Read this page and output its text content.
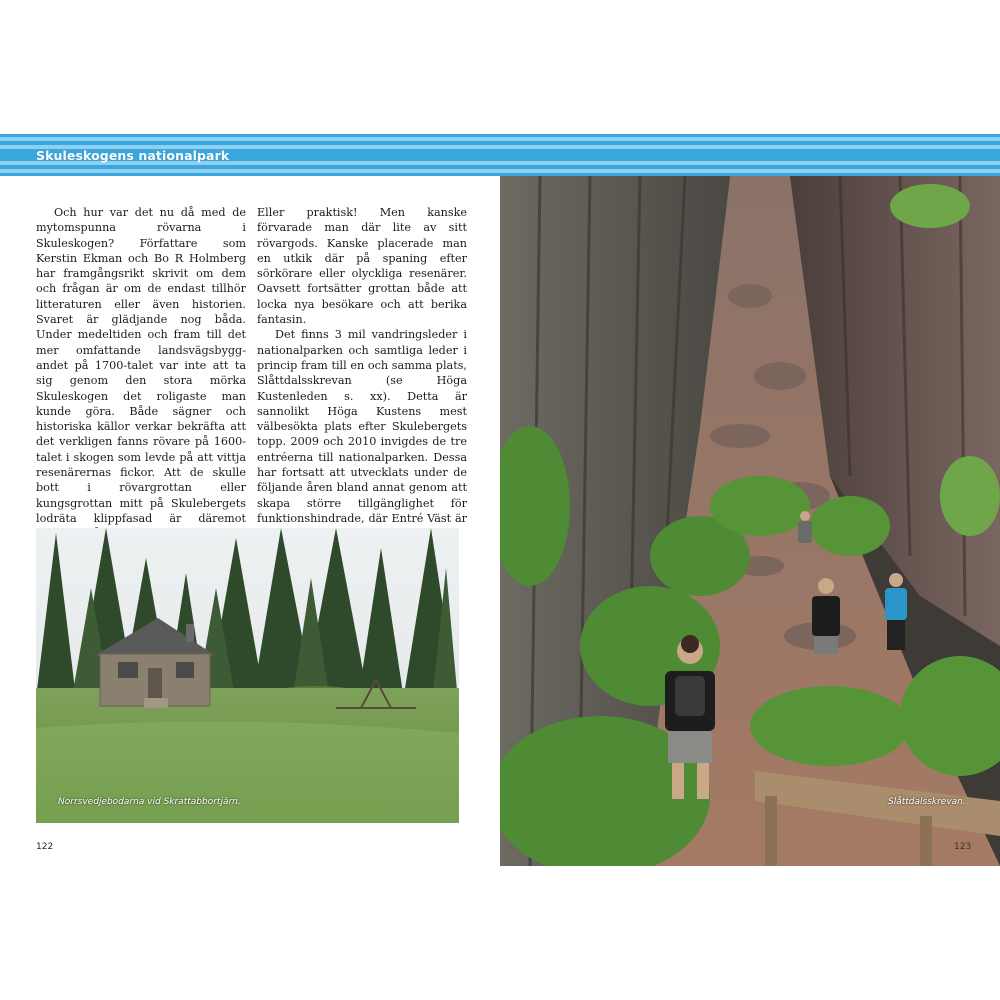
Skuleskogens nationalpark

Och hur var det nu då med de mytomspunna rövarna i Skuleskogen? Författare som Kerstin Ekman och Bo R Holmberg har framgångsrikt skrivit om dem och frågan är om de endast tillhör litteraturen eller även historien. Svaret är glädjande nog båda. Under medeltiden och fram till det mer omfattande landsvägsbyggandet på 1700-talet var inte att ta sig genom den stora mörka Skuleskogen det roligaste man kunde göra. Både sägner och historiska källor verkar bekräfta att det verkligen fanns rövare på 1600-talet i skogen som levde på att vittja resenärernas fickor. Att de skulle bott i rövargrottan eller kungsgrottan mitt på Skulebergets lodräta klippfasad är däremot

Eller praktisk! Men kanske förvarade man där lite av sitt rövargods. Kanske placerade man en utkik där på spaning efter sörkörare eller olyckliga resenärer. Oavsett fortsätter grottan både att locka nya besökare och att berika fantasin.

Det finns 3 mil vandringsleder i nationalparken och samtliga leder i princip fram till en och samma plats, Slåttdalsskrevan (se Höga Kustenleden s. xx). Detta är sannolikt Höga Kustens mest välbesökta plats efter Skulebergets topp. 2009 och 2010 invigdes de tre entréerna till nationalparken. Dessa har fortsatt att utvecklats under de följande åren bland annat genom att skapa större tillgänglighet för funktionshindrade, där Entré Väst är

Norrsvedjebodarna vid Skrattabbortjärn.	Slåttdalsskrevan.
122	123
